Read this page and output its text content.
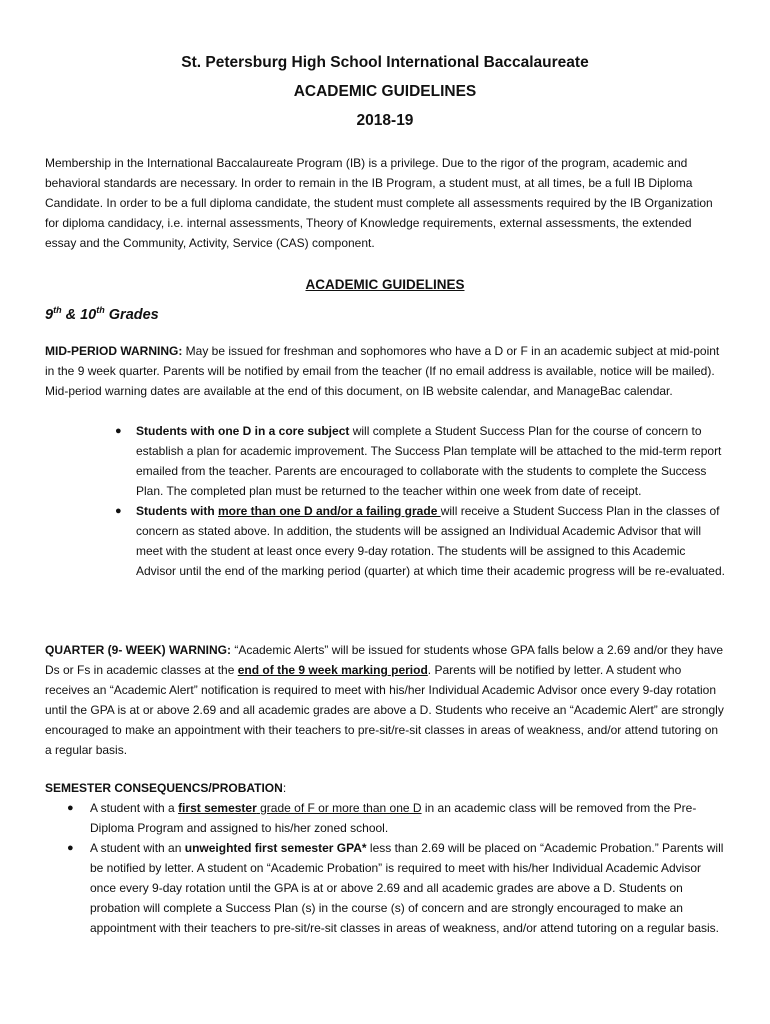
St. Petersburg High School International Baccalaureate
ACADEMIC GUIDELINES
2018-19
Membership in the International Baccalaureate Program (IB) is a privilege. Due to the rigor of the program, academic and behavioral standards are necessary. In order to remain in the IB Program, a student must, at all times, be a full IB Diploma Candidate. In order to be a full diploma candidate, the student must complete all assessments required by the IB Organization for diploma candidacy, i.e. internal assessments, Theory of Knowledge requirements, external assessments, the extended essay and the Community, Activity, Service (CAS) component.
ACADEMIC GUIDELINES
9th & 10th Grades
MID-PERIOD WARNING: May be issued for freshman and sophomores who have a D or F in an academic subject at mid-point in the 9 week quarter. Parents will be notified by email from the teacher (If no email address is available, notice will be mailed). Mid-period warning dates are available at the end of this document, on IB website calendar, and ManageBac calendar.
● Students with one D in a core subject will complete a Student Success Plan for the course of concern to establish a plan for academic improvement. The Success Plan template will be attached to the mid-term report emailed from the teacher. Parents are encouraged to collaborate with the students to complete the Success Plan. The completed plan must be returned to the teacher within one week from date of receipt.
● Students with more than one D and/or a failing grade will receive a Student Success Plan in the classes of concern as stated above. In addition, the students will be assigned an Individual Academic Advisor that will meet with the student at least once every 9-day rotation. The students will be assigned to this Academic Advisor until the end of the marking period (quarter) at which time their academic progress will be re-evaluated.
QUARTER (9- WEEK) WARNING: “Academic Alerts” will be issued for students whose GPA falls below a 2.69 and/or they have Ds or Fs in academic classes at the end of the 9 week marking period. Parents will be notified by letter. A student who receives an “Academic Alert” notification is required to meet with his/her Individual Academic Advisor once every 9-day rotation until the GPA is at or above 2.69 and all academic grades are above a D. Students who receive an “Academic Alert” are strongly encouraged to make an appointment with their teachers to pre-sit/re-sit classes in areas of weakness, and/or attend tutoring on a regular basis.
SEMESTER CONSEQUENCS/PROBATION:
● A student with a first semester grade of F or more than one D in an academic class will be removed from the Pre-Diploma Program and assigned to his/her zoned school.
● A student with an unweighted first semester GPA* less than 2.69 will be placed on “Academic Probation.” Parents will be notified by letter. A student on “Academic Probation” is required to meet with his/her Individual Academic Advisor once every 9-day rotation until the GPA is at or above 2.69 and all academic grades are above a D. Students on probation will complete a Success Plan (s) in the course (s) of concern and are strongly encouraged to make an appointment with their teachers to pre-sit/re-sit classes in areas of weakness, and/or attend tutoring on a regular basis.
